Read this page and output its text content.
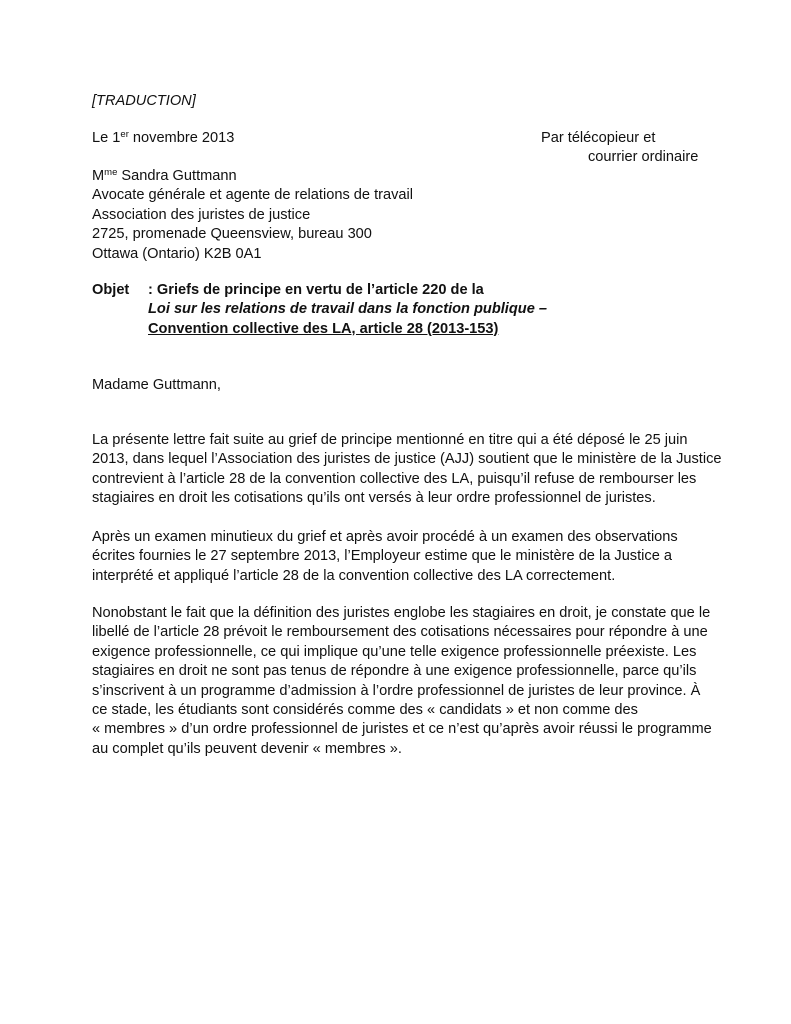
[TRADUCTION]
Le 1er novembre 2013	Par télécopieur et
courrier ordinaire
$M^{me}$ Sandra Guttmann
Avocate générale et agente de relations de travail
Association des juristes de justice
2725, promenade Queensview, bureau 300
Ottawa (Ontario) K2B 0A1
Objet	: Griefs de principe en vertu de l’article 220 de la
Loi sur les relations de travail dans la fonction publique –
Convention collective des LA, article 28 (2013-153)
Madame Guttmann,
La présente lettre fait suite au grief de principe mentionné en titre qui a été déposé le 25 juin
2013, dans lequel l’Association des juristes de justice (AJJ) soutient que le ministère de la Justice
contrevient à l’article 28 de la convention collective des LA, puisqu’il refuse de rembourser les
stagiaires en droit les cotisations qu’ils ont versés à leur ordre professionnel de juristes.
Après un examen minutieux du grief et après avoir procédé à un examen des observations
écrites fournies le 27 septembre 2013, l’Employeur estime que le ministère de la Justice a
interprété et appliqué l’article 28 de la convention collective des LA correctement.
Nonobstant le fait que la définition des juristes englobe les stagiaires en droit, je constate que le
libellé de l’article 28 prévoit le remboursement des cotisations nécessaires pour répondre à une
exigence professionnelle, ce qui implique qu’une telle exigence professionnelle préexiste. Les
stagiaires en droit ne sont pas tenus de répondre à une exigence professionnelle, parce qu’ils
s’inscrivent à un programme d’admission à l’ordre professionnel de juristes de leur province. À
ce stade, les étudiants sont considérés comme des « candidats » et non comme des
« membres » d’un ordre professionnel de juristes et ce n’est qu’après avoir réussi le programme
au complet qu’ils peuvent devenir « membres ».
